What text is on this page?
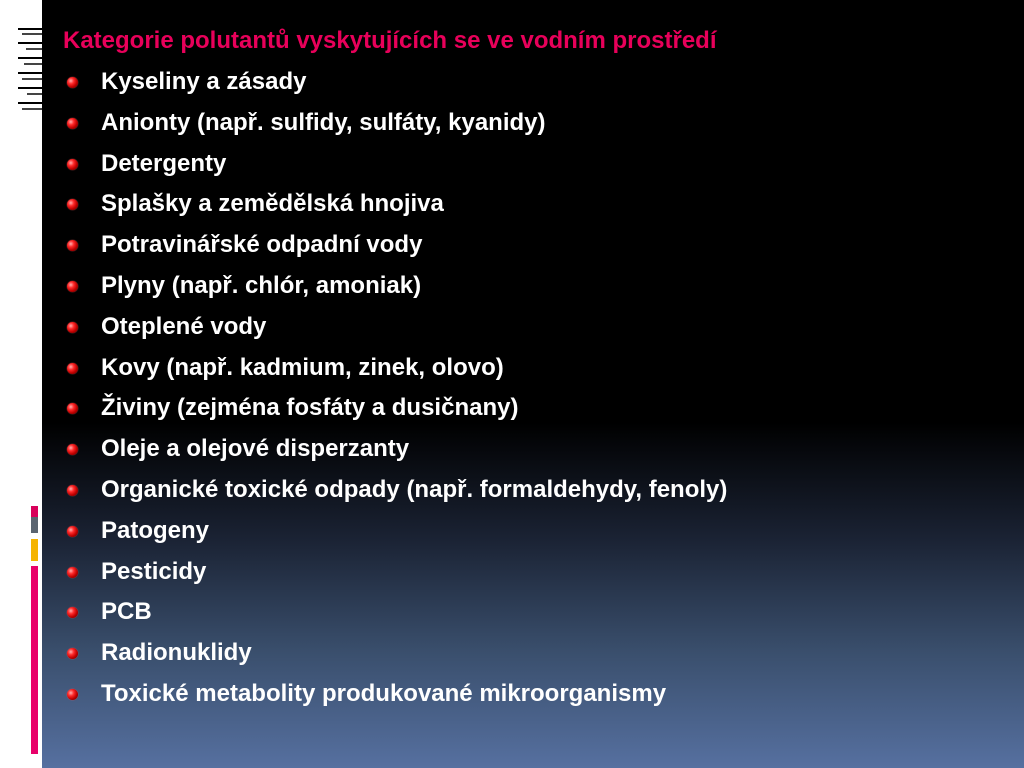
Kategorie polutantů vyskytujících se ve vodním prostředí
Kyseliny a zásady
Anionty (např. sulfidy, sulfáty, kyanidy)
Detergenty
Splašky a zemědělská hnojiva
Potravinářské odpadní vody
Plyny (např. chlór, amoniak)
Oteplené vody
Kovy (např. kadmium, zinek, olovo)
Živiny (zejména fosfáty a dusičnany)
Oleje a olejové disperzanty
Organické toxické odpady (např. formaldehydy, fenoly)
Patogeny
Pesticidy
PCB
Radionuklidy
Toxické metabolity produkované mikroorganismy
